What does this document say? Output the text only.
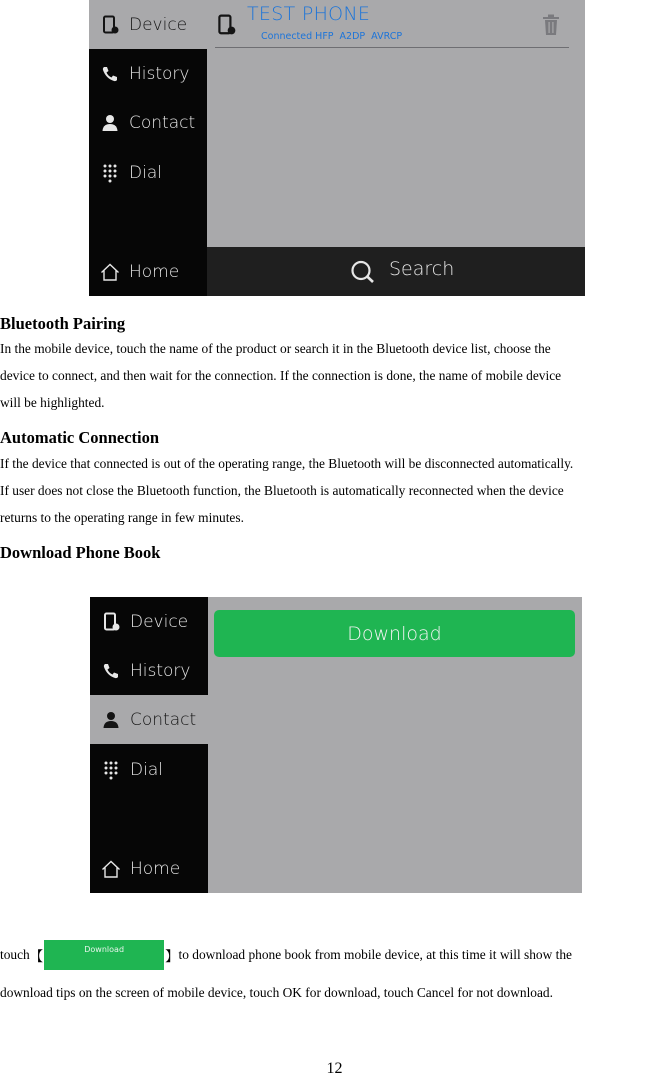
Device
History
Contact
Dial
Home
TEST PHONE
Connected HFP  A2DP  AVRCP
Search
Bluetooth Pairing
In the mobile device, touch the name of the product or search it in the Bluetooth device list, choose the
device to connect, and then wait for the connection. If the connection is done, the name of mobile device
will be highlighted.
Automatic Connection
If the device that connected is out of the operating range, the Bluetooth will be disconnected automatically.
If user does not close the Bluetooth function, the Bluetooth is automatically reconnected when the device
returns to the operating range in few minutes.
Download Phone Book
Device
History
Contact
Dial
Home
Download
touch 【	Download	】 to download phone book from mobile device, at this time it will show the
download tips on the screen of mobile device, touch OK for download, touch Cancel for not download.
12
